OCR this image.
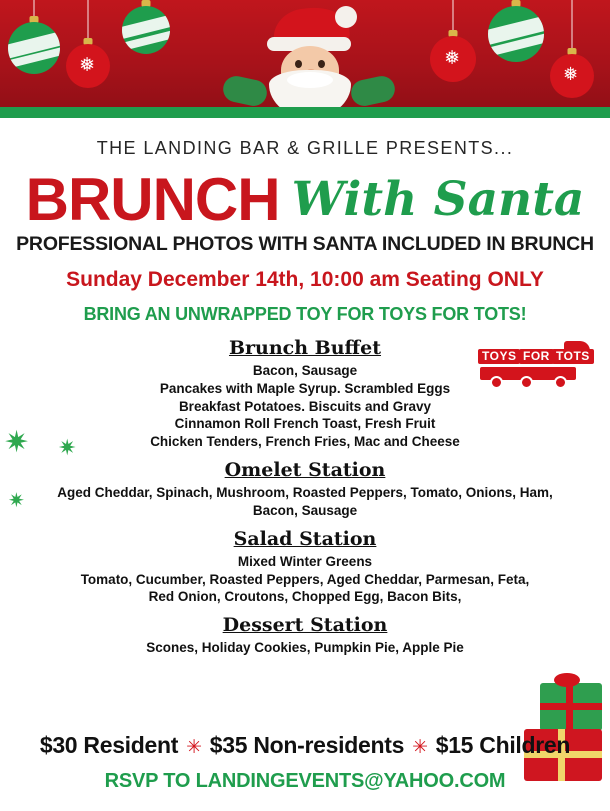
❅	❅
❅
THE LANDING BAR & GRILLE PRESENTS...
BRUNCH With Santa
PROFESSIONAL PHOTOS WITH SANTA INCLUDED IN BRUNCH
Sunday December 14th, 10:00 am Seating ONLY
BRING AN UNWRAPPED TOY FOR TOYS FOR TOTS!
TOYS FOR TOTS
Brunch Buffet
Bacon, Sausage
Pancakes with Maple Syrup. Scrambled Eggs
Breakfast Potatoes. Biscuits and Gravy
Cinnamon Roll French Toast, Fresh Fruit
Chicken Tenders, French Fries, Mac and Cheese
Omelet Station
Aged Cheddar, Spinach, Mushroom, Roasted Peppers, Tomato, Onions, Ham,
Bacon, Sausage
Salad Station
Mixed Winter Greens
Tomato, Cucumber, Roasted Peppers, Aged Cheddar, Parmesan, Feta,
Red Onion, Croutons, Chopped Egg, Bacon Bits,
Dessert Station
Scones, Holiday Cookies, Pumpkin Pie, Apple Pie
✷ ✷
✷
$30 Resident ✳ $35 Non-residents ✳ $15 Children
RSVP TO LANDINGEVENTS@YAHOO.COM
